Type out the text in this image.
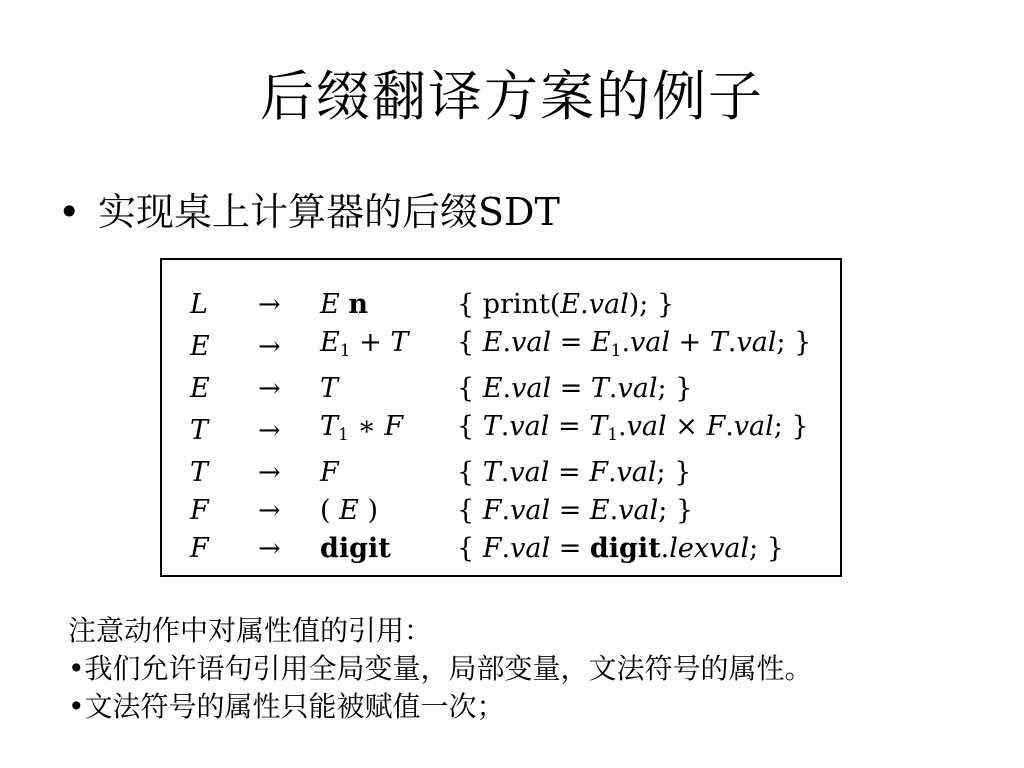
后缀翻译方案的例子
• 实现桌上计算器的后缀SDT
L	→	E n	{ print(E.val); }
E	→	$E_1 + T$	{ $E.val = E_1.val + T.val$; }
E	→	T	{ E.val = T.val; }
T	→	$T_1$ ∗ F	{ $T.val = T_1.val \times F.val$; }
T	→	F	{ T.val = F.val; }
F	→	( E )	{ F.val = E.val; }
F	→	digit	{ F.val = digit.lexval; }
注意动作中对属性值的引用：
•我们允许语句引用全局变量，局部变量，文法符号的属性。
•文法符号的属性只能被赋值一次；
